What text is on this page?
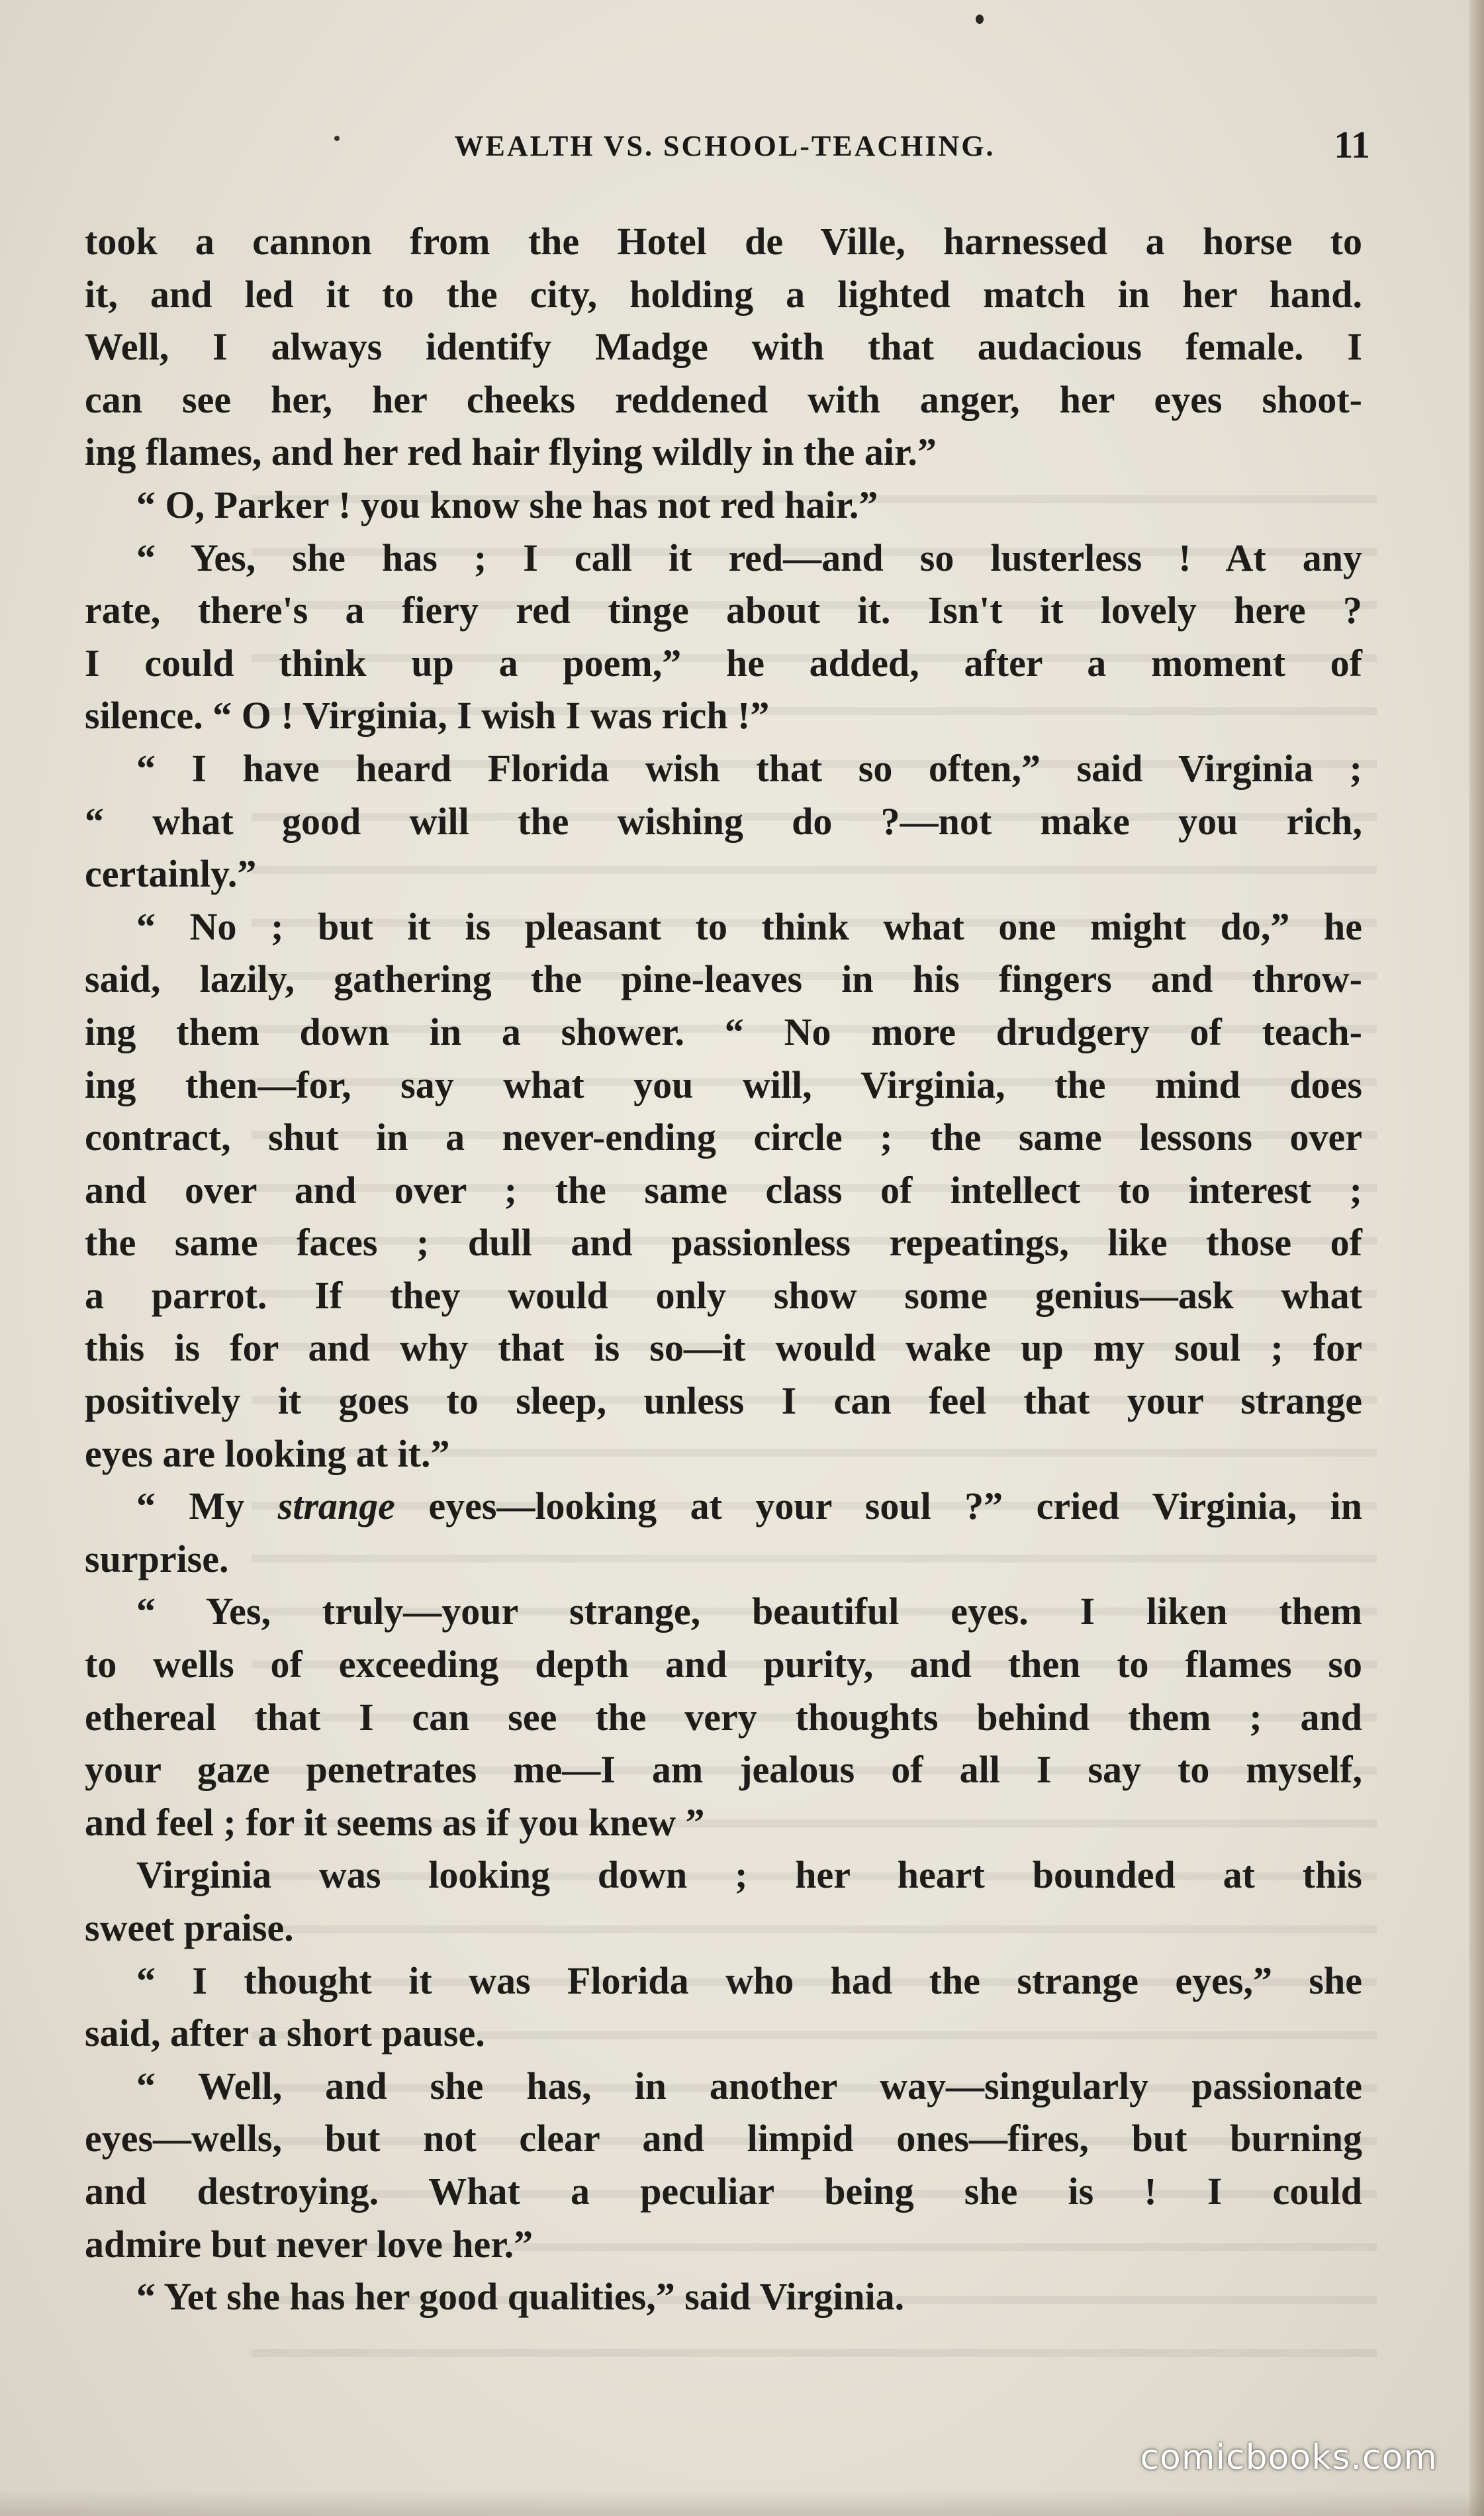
WEALTH VS. SCHOOL-TEACHING.	11
took a cannon from the Hotel de Ville, harnessed a horse to
it, and led it to the city, holding a lighted match in her hand.
Well, I always identify Madge with that audacious female. I
can see her, her cheeks reddened with anger, her eyes shoot-
ing flames, and her red hair flying wildly in the air.”
“ O, Parker ! you know she has not red hair.”
“ Yes, she has ; I call it red—and so lusterless ! At any
rate, there's a fiery red tinge about it. Isn't it lovely here ?
I could think up a poem,” he added, after a moment of
silence. “ O ! Virginia, I wish I was rich !”
“ I have heard Florida wish that so often,” said Virginia ;
“ what good will the wishing do ?—not make you rich,
certainly.”
“ No ; but it is pleasant to think what one might do,” he
said, lazily, gathering the pine-leaves in his fingers and throw-
ing them down in a shower. “ No more drudgery of teach-
ing then—for, say what you will, Virginia, the mind does
contract, shut in a never-ending circle ; the same lessons over
and over and over ; the same class of intellect to interest ;
the same faces ; dull and passionless repeatings, like those of
a parrot. If they would only show some genius—ask what
this is for and why that is so—it would wake up my soul ; for
positively it goes to sleep, unless I can feel that your strange
eyes are looking at it.”
“ My strange eyes—looking at your soul ?” cried Virginia, in
surprise.
“ Yes, truly—your strange, beautiful eyes. I liken them
to wells of exceeding depth and purity, and then to flames so
ethereal that I can see the very thoughts behind them ; and
your gaze penetrates me—I am jealous of all I say to myself,
and feel ; for it seems as if you knew ”
Virginia was looking down ; her heart bounded at this
sweet praise.
“ I thought it was Florida who had the strange eyes,” she
said, after a short pause.
“ Well, and she has, in another way—singularly passionate
eyes—wells, but not clear and limpid ones—fires, but burning
and destroying. What a peculiar being she is ! I could
admire but never love her.”
“ Yet she has her good qualities,” said Virginia.
comicbooks.com
